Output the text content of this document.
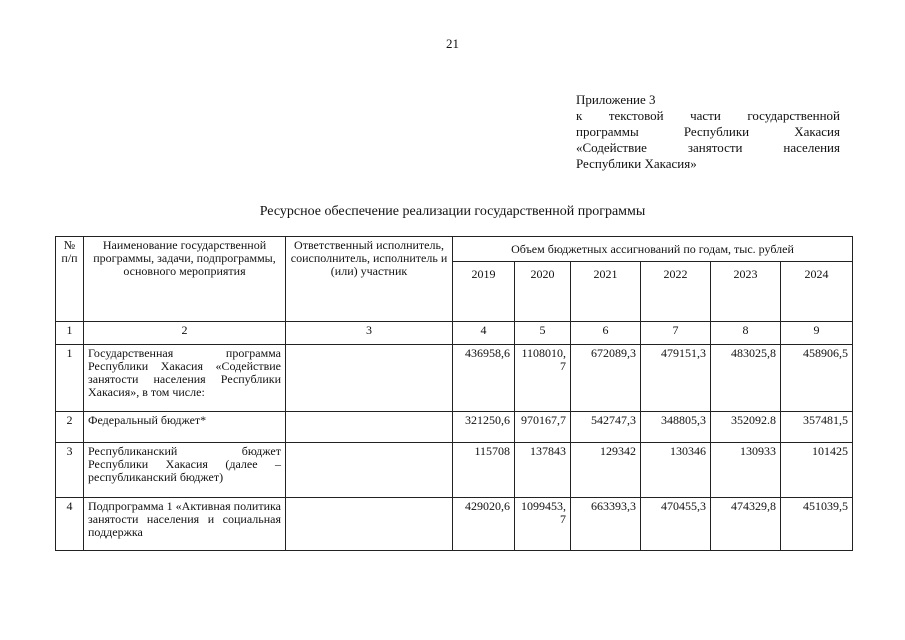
21
Приложение 3
к текстовой части государственной
программы	Республики	Хакасия
«Содействие	занятости	населения
Республики Хакасия»
Ресурсное обеспечение реализации государственной программы
№ п/п	Наименование государственной программы, задачи, подпрограммы, основного мероприятия	Ответственный исполнитель, соисполнитель, исполнитель и (или) участник	Объем бюджетных ассигнований по годам, тыс. рублей					
			2019	2020	2021	2022	2023	2024
1	2	3	4	5	6	7	8	9
1	Государственная программа Республики Хакасия «Содействие занятости населения Республики Хакасия», в том числе:		436958,6	1108010,7	672089,3	479151,3	483025,8	458906,5
2	Федеральный бюджет*		321250,6	970167,7	542747,3	348805,3	352092.8	357481,5
3	Республиканский бюджет Республики Хакасия (далее – республиканский бюджет)		115708	137843	129342	130346	130933	101425
4	Подпрограмма 1 «Активная политика занятости населения и социальная поддержка		429020,6	1099453,7	663393,3	470455,3	474329,8	451039,5
